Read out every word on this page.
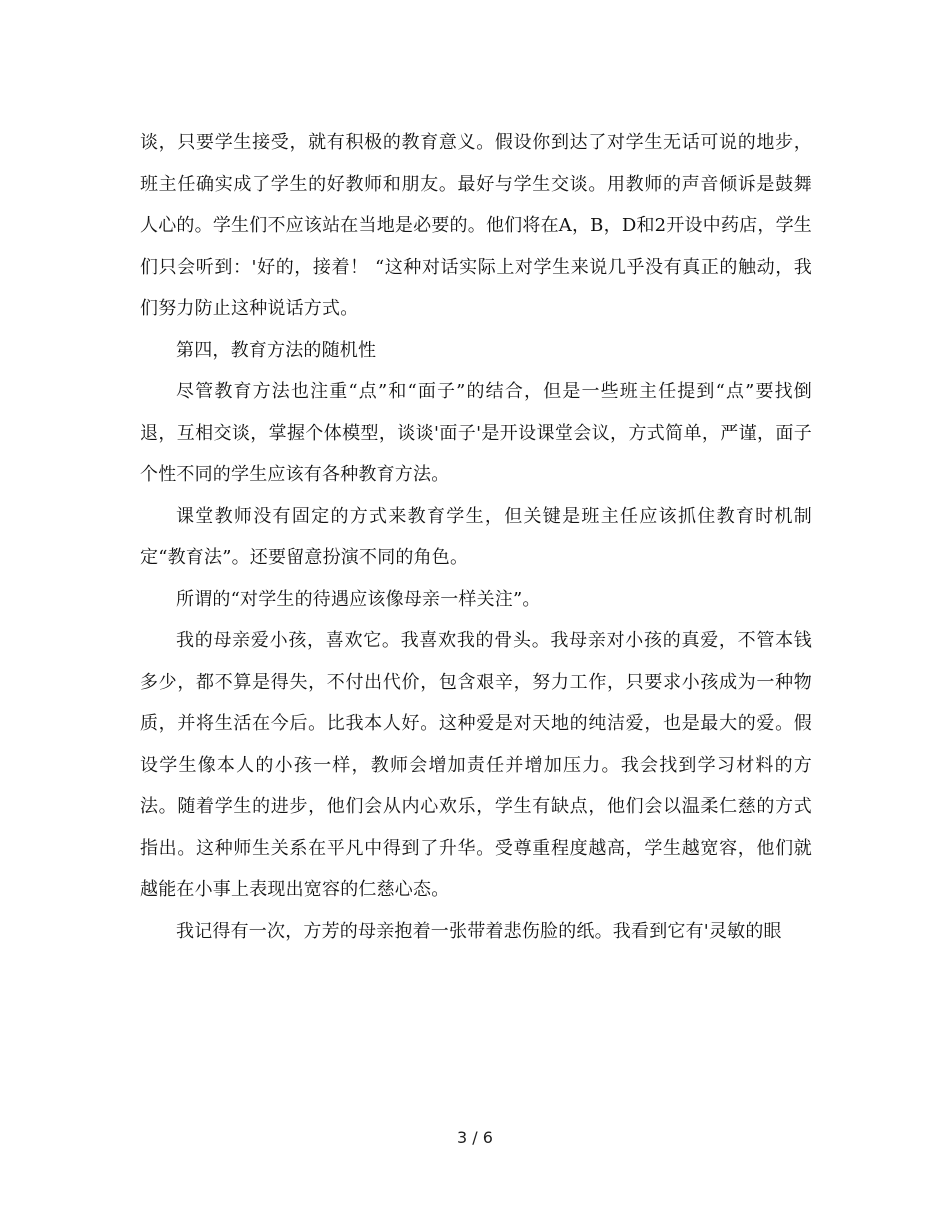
谈，只要学生接受，就有积极的教育意义。假设你到达了对学生无话可说的地步，班主任确实成了学生的好教师和朋友。最好与学生交谈。用教师的声音倾诉是鼓舞人心的。学生们不应该站在当地是必要的。他们将在A，B，D和2开设中药店，学生们只会听到：'好的，接着！ “这种对话实际上对学生来说几乎没有真正的触动，我们努力防止这种说话方式。

第四，教育方法的随机性

尽管教育方法也注重“点”和“面子”的结合，但是一些班主任提到“点”要找倒退，互相交谈，掌握个体模型，谈谈'面子'是开设课堂会议，方式简单，严谨，面子个性不同的学生应该有各种教育方法。

课堂教师没有固定的方式来教育学生，但关键是班主任应该抓住教育时机制定“教育法”。还要留意扮演不同的角色。

所谓的“对学生的待遇应该像母亲一样关注”。

我的母亲爱小孩，喜欢它。我喜欢我的骨头。我母亲对小孩的真爱，不管本钱多少，都不算是得失，不付出代价，包含艰辛，努力工作，只要求小孩成为一种物质，并将生活在今后。比我本人好。这种爱是对天地的纯洁爱，也是最大的爱。假设学生像本人的小孩一样，教师会增加责任并增加压力。我会找到学习材料的方法。随着学生的进步，他们会从内心欢乐，学生有缺点，他们会以温柔仁慈的方式指出。这种师生关系在平凡中得到了升华。受尊重程度越高，学生越宽容，他们就越能在小事上表现出宽容的仁慈心态。

我记得有一次，方芳的母亲抱着一张带着悲伤脸的纸。我看到它有'灵敏的眼

3 / 6
